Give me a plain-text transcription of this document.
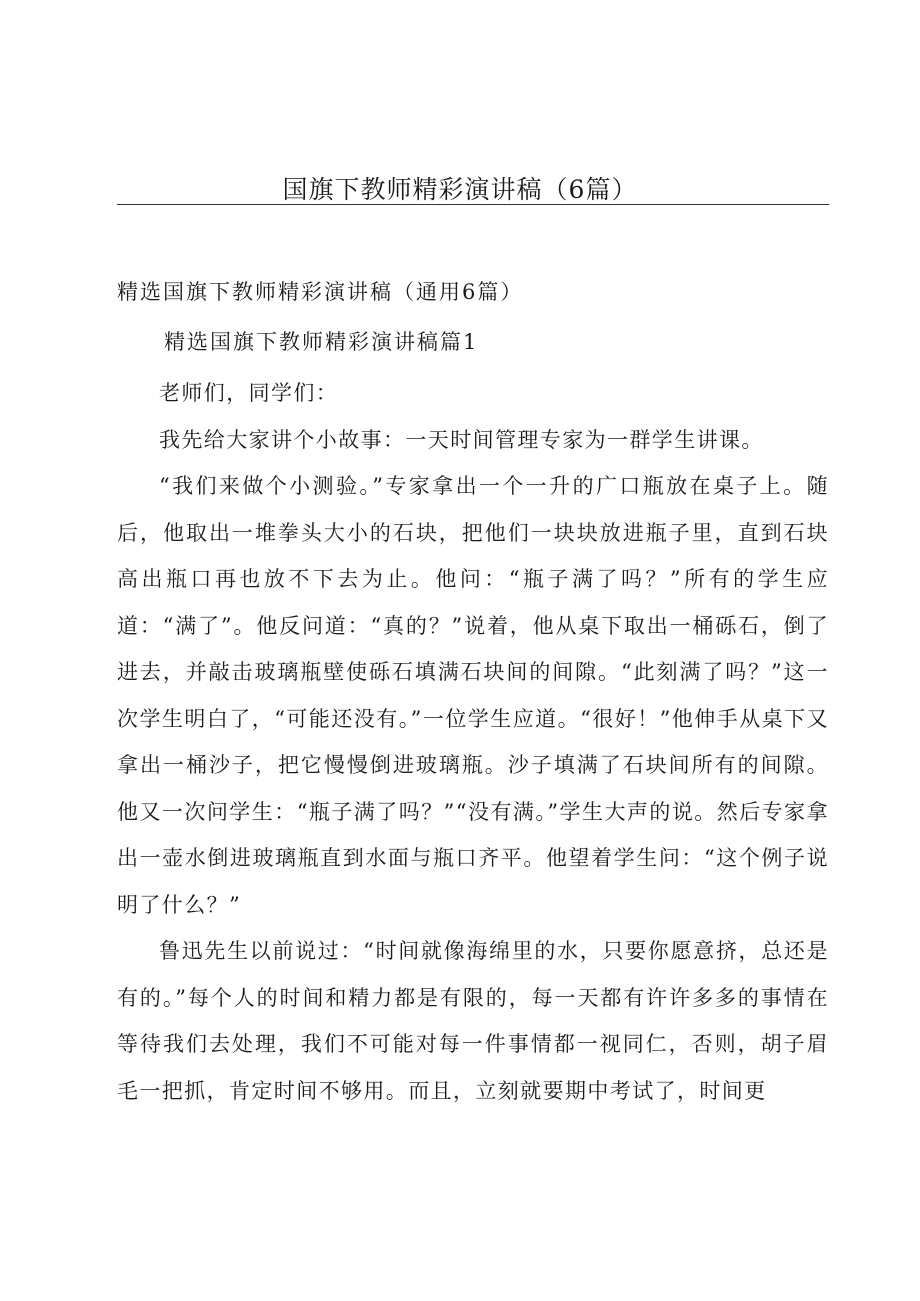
国旗下教师精彩演讲稿（6篇）

精选国旗下教师精彩演讲稿（通用6篇）

精选国旗下教师精彩演讲稿篇1

老师们，同学们：

我先给大家讲个小故事：一天时间管理专家为一群学生讲课。

“我们来做个小测验。”专家拿出一个一升的广口瓶放在桌子上。随后，他取出一堆拳头大小的石块，把他们一块块放进瓶子里，直到石块高出瓶口再也放不下去为止。他问：“瓶子满了吗？”所有的学生应道：“满了”。他反问道：“真的？”说着，他从桌下取出一桶砾石，倒了进去，并敲击玻璃瓶壁使砾石填满石块间的间隙。“此刻满了吗？”这一次学生明白了，“可能还没有。”一位学生应道。“很好！”他伸手从桌下又拿出一桶沙子，把它慢慢倒进玻璃瓶。沙子填满了石块间所有的间隙。他又一次问学生：“瓶子满了吗？”“没有满。”学生大声的说。然后专家拿出一壶水倒进玻璃瓶直到水面与瓶口齐平。他望着学生问：“这个例子说明了什么？”

鲁迅先生以前说过：“时间就像海绵里的水，只要你愿意挤，总还是有的。”每个人的时间和精力都是有限的，每一天都有许许多多的事情在等待我们去处理，我们不可能对每一件事情都一视同仁，否则，胡子眉毛一把抓，肯定时间不够用。而且，立刻就要期中考试了，时间更
